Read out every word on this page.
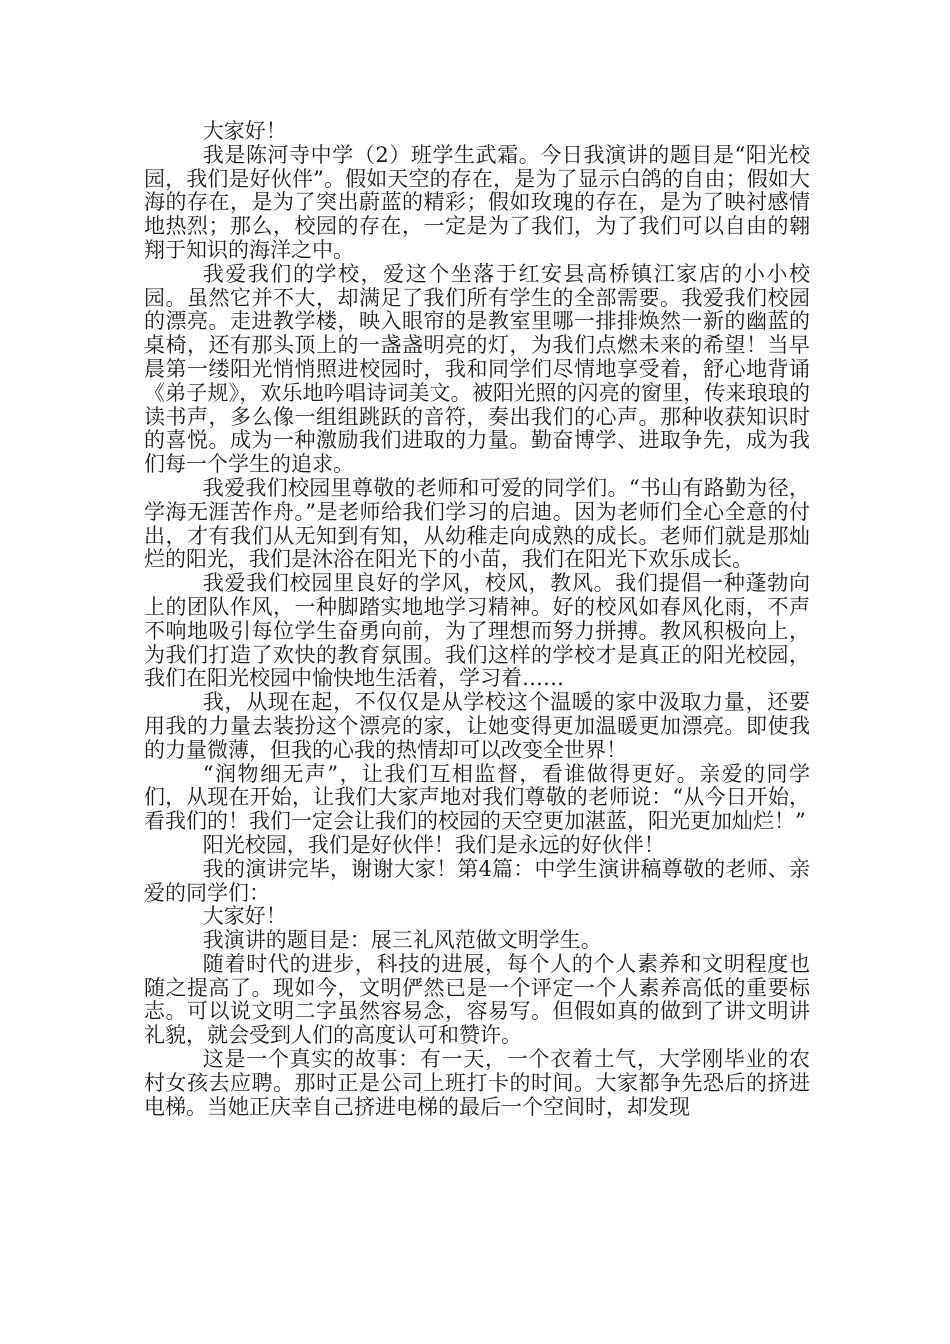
大家好！

我是陈河寺中学（2）班学生武霜。今日我演讲的题目是“阳光校园，我们是好伙伴”。假如天空的存在，是为了显示白鸽的自由；假如大海的存在，是为了突出蔚蓝的精彩；假如玫瑰的存在，是为了映衬感情地热烈；那么，校园的存在，一定是为了我们，为了我们可以自由的翱翔于知识的海洋之中。

我爱我们的学校，爱这个坐落于红安县高桥镇江家店的小小校园。虽然它并不大，却满足了我们所有学生的全部需要。我爱我们校园的漂亮。走进教学楼，映入眼帘的是教室里哪一排排焕然一新的幽蓝的桌椅，还有那头顶上的一盏盏明亮的灯，为我们点燃未来的希望！当早晨第一缕阳光悄悄照进校园时，我和同学们尽情地享受着，舒心地背诵《弟子规》，欢乐地吟唱诗词美文。被阳光照的闪亮的窗里，传来琅琅的读书声，多么像一组组跳跃的音符，奏出我们的心声。那种收获知识时的喜悦。成为一种激励我们进取的力量。勤奋博学、进取争先，成为我们每一个学生的追求。

我爱我们校园里尊敬的老师和可爱的同学们。“书山有路勤为径，学海无涯苦作舟。”是老师给我们学习的启迪。因为老师们全心全意的付出，才有我们从无知到有知，从幼稚走向成熟的成长。老师们就是那灿烂的阳光，我们是沐浴在阳光下的小苗，我们在阳光下欢乐成长。

我爱我们校园里良好的学风，校风，教风。我们提倡一种蓬勃向上的团队作风，一种脚踏实地地学习精神。好的校风如春风化雨，不声不响地吸引每位学生奋勇向前，为了理想而努力拼搏。教风积极向上，为我们打造了欢快的教育氛围。我们这样的学校才是真正的阳光校园，我们在阳光校园中愉快地生活着，学习着……

我，从现在起，不仅仅是从学校这个温暖的家中汲取力量，还要用我的力量去装扮这个漂亮的家，让她变得更加温暖更加漂亮。即使我的力量微薄，但我的心我的热情却可以改变全世界！

“润物细无声”，让我们互相监督，看谁做得更好。亲爱的同学们，从现在开始，让我们大家声地对我们尊敬的老师说：“从今日开始，看我们的！我们一定会让我们的校园的天空更加湛蓝，阳光更加灿烂！”

阳光校园，我们是好伙伴！我们是永远的好伙伴！

我的演讲完毕，谢谢大家！第4篇：中学生演讲稿尊敬的老师、亲爱的同学们：

大家好！

我演讲的题目是：展三礼风范做文明学生。

随着时代的进步，科技的进展，每个人的个人素养和文明程度也随之提高了。现如今，文明俨然已是一个评定一个人素养高低的重要标志。可以说文明二字虽然容易念，容易写。但假如真的做到了讲文明讲礼貌，就会受到人们的高度认可和赞许。

这是一个真实的故事：有一天，一个衣着土气，大学刚毕业的农村女孩去应聘。那时正是公司上班打卡的时间。大家都争先恐后的挤进电梯。当她正庆幸自己挤进电梯的最后一个空间时，却发现
